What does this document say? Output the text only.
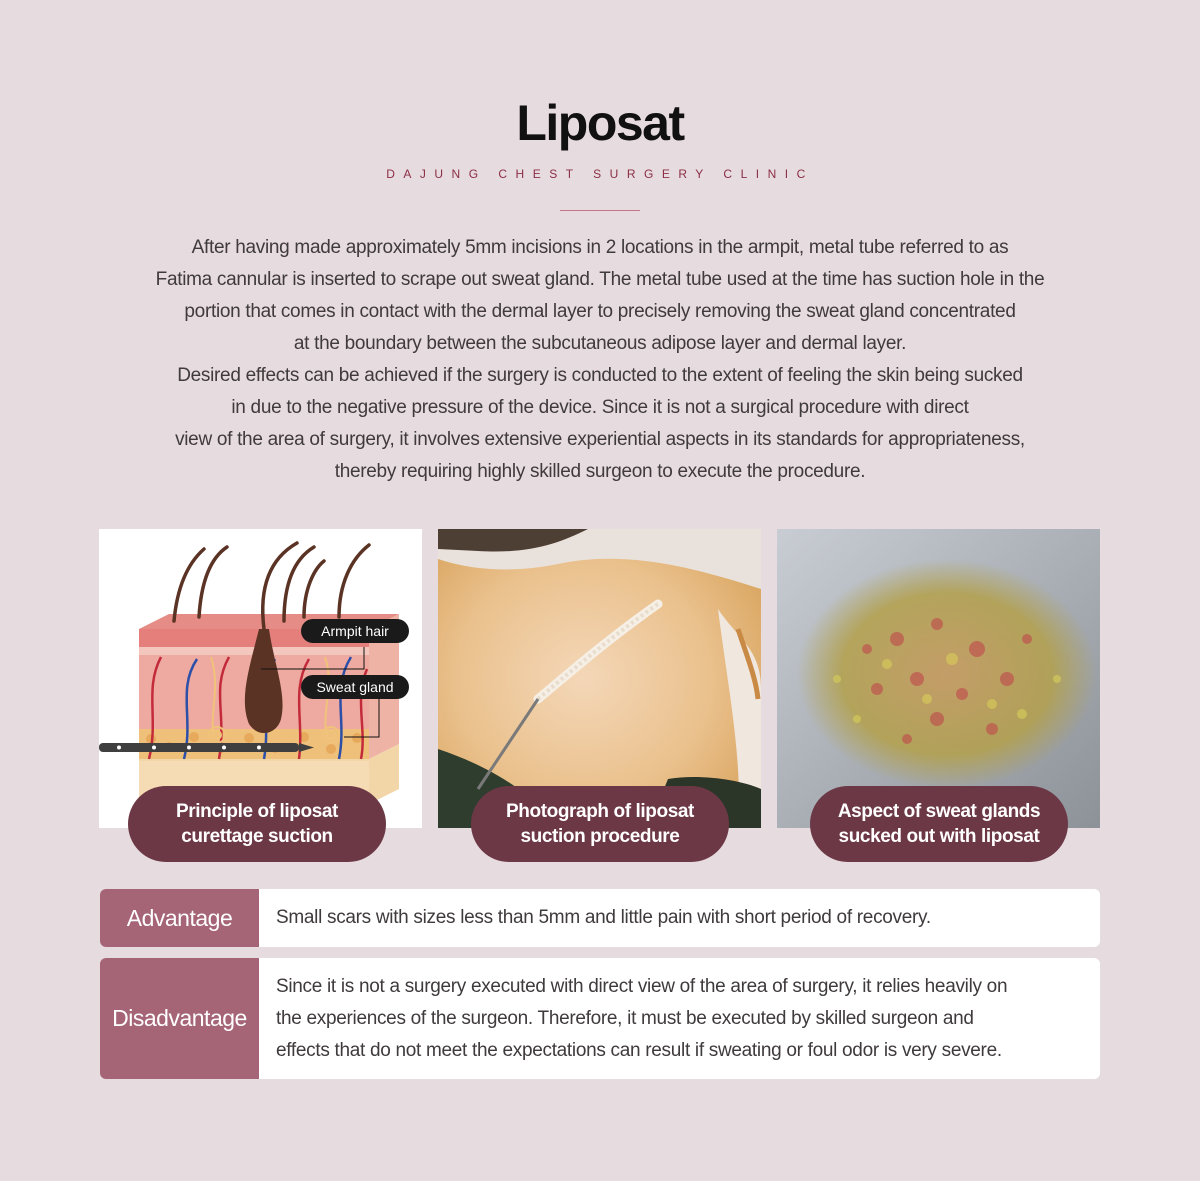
Liposat
DAJUNG CHEST SURGERY CLINIC

After having made approximately 5mm incisions in 2 locations in the armpit, metal tube referred to as
Fatima cannular is inserted to scrape out sweat gland. The metal tube used at the time has suction hole in the
portion that comes in contact with the dermal layer to precisely removing the sweat gland concentrated
at the boundary between the subcutaneous adipose layer and dermal layer.
Desired effects can be achieved if the surgery is conducted to the extent of feeling the skin being sucked
in due to the negative pressure of the device. Since it is not a surgical procedure with direct
view of the area of surgery, it involves extensive experiential aspects in its standards for appropriateness,
thereby requiring highly skilled surgeon to execute the procedure.

Armpit hair
Sweat gland
Principle of liposat
curettage suction
Photograph of liposat
suction procedure
Aspect of sweat glands
sucked out with liposat
Advantage	Small scars with sizes less than 5mm and little pain with short period of recovery.
Disadvantage
Since it is not a surgery executed with direct view of the area of surgery, it relies heavily on
the experiences of the surgeon. Therefore, it must be executed by skilled surgeon and
effects that do not meet the expectations can result if sweating or foul odor is very severe.
